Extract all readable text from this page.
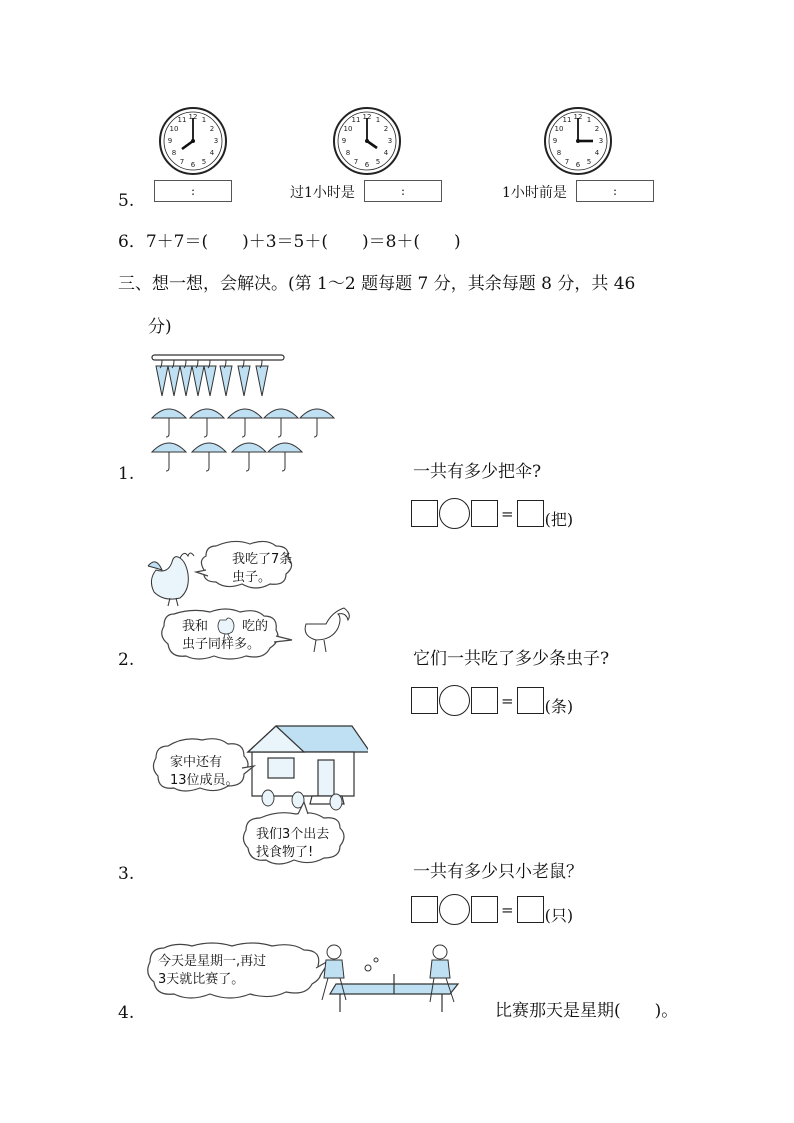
12 1
2
3
4
5
6
7
8
9
10
11	12 1
2
3
4
5
6
7
8
9
10
11	12 1
2
3
4
5
6
7
8
9
10
11
5.	:	过1小时是	:	1小时前是	:
6．7＋7＝(　　)＋3＝5＋(　　)＝8＋(　　)
三、想一想，会解决。(第 1～2 题每题 7 分，其余每题 8 分，共 46
分)
1.	一共有多少把伞?
= (把)
我吃了7条
虫子。
我和	吃的
虫子同样多。
2.	它们一共吃了多少条虫子?
= (条)
家中还有
13位成员。
我们3个出去
找食物了!
3.	一共有多少只小老鼠？
= (只)
今天是星期一,再过
3天就比赛了。
4.	比赛那天是星期(　　)。
